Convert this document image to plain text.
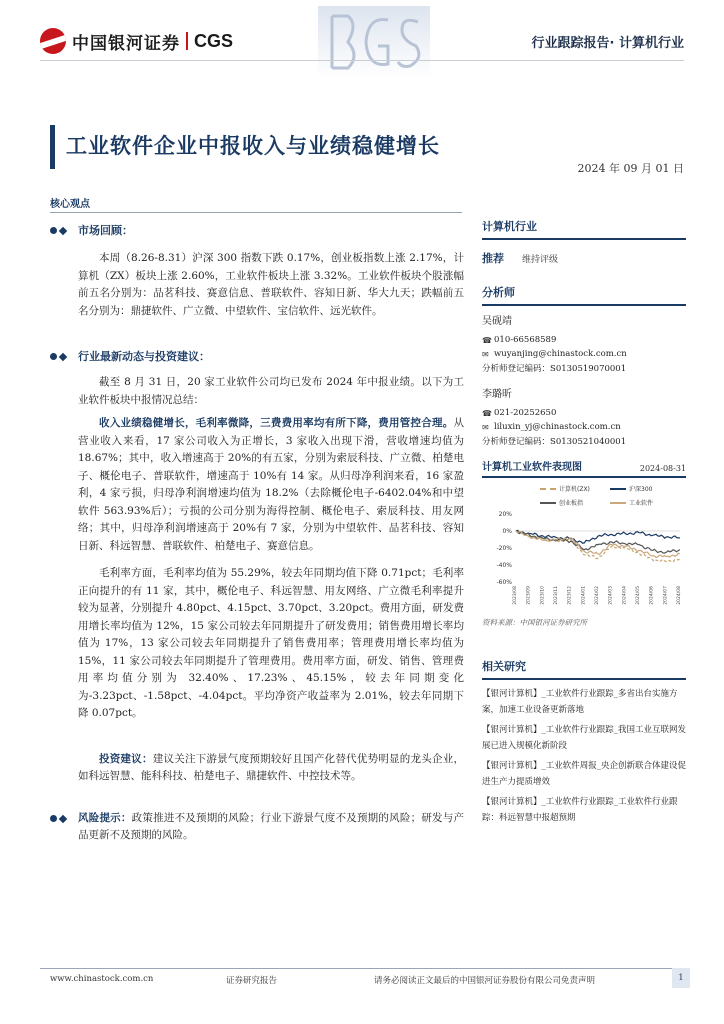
中国银河证券 CGS	行业跟踪报告· 计算机行业
工业软件企业中报收入与业绩稳健增长
2024 年 09 月 01 日
核心观点
市场回顾：

本周（8.26-8.31）沪深 300 指数下跌 0.17%，创业板指数上涨 2.17%，计算机（ZX）板块上涨 2.60%，工业软件板块上涨 3.32%。工业软件板块个股涨幅前五名分别为：品茗科技、赛意信息、普联软件、容知日新、华大九天；跌幅前五名分别为：鼎捷软件、广立微、中望软件、宝信软件、远光软件。

行业最新动态与投资建议：

截至 8 月 31 日，20 家工业软件公司均已发布 2024 年中报业绩。以下为工业软件板块中报情况总结：

收入业绩稳健增长，毛利率微降，三费费用率均有所下降，费用管控合理。从营业收入来看，17 家公司收入为正增长，3 家收入出现下滑，营收增速均值为 18.67%；其中，收入增速高于 20%的有五家，分别为索辰科技、广立微、柏楚电子、概伦电子、普联软件，增速高于 10%有 14 家。从归母净利润来看，16 家盈利，4 家亏损，归母净利润增速均值为 18.2%（去除概伦电子-6402.04%和中望软件 563.93%后）；亏损的公司分别为海得控制、概伦电子、索辰科技、用友网络；其中，归母净利润增速高于 20%有 7 家，分别为中望软件、品茗科技、容知日新、科远智慧、普联软件、柏楚电子、赛意信息。

毛利率方面，毛利率均值为 55.29%，较去年同期均值下降 0.71pct；毛利率正向提升的有 11 家，其中，概伦电子、科远智慧、用友网络、广立微毛利率提升较为显著，分别提升 4.80pct、4.15pct、3.70pct、3.20pct。费用方面，研发费用增长率均值为 12%，15 家公司较去年同期提升了研发费用；销售费用增长率均值为 17%，13 家公司较去年同期提升了销售费用率；管理费用增长率均值为 15%，11 家公司较去年同期提升了管理费用。费用率方面，研发、销售、管理费用率均值分别为 32.40%、17.23%、45.15%，较去年同期变化为-3.23pct、-1.58pct、-4.04pct。平均净资产收益率为 2.01%，较去年同期下降 0.07pct。

投资建议：建议关注下游景气度预期较好且国产化替代优势明显的龙头企业，如科远智慧、能科科技、柏楚电子、鼎捷软件、中控技术等。

风险提示：政策推进不及预期的风险；行业下游景气度不及预期的风险；研发与产品更新不及预期的风险。

计算机行业
推荐	维持评级
分析师
吴砚靖
☎ 010-66568589
✉ wuyanjing@chinastock.com.cn
分析师登记编码：S0130519070001
李璐昕
☎ 021-20252650
✉ liluxin_yj@chinastock.com.cn
分析师登记编码：S0130521040001
计算机工业软件表现图	2024-08-31
计算机(ZX)	沪深300
创业板指	工业软件
20%
0%
-20%
-40%
-60%
2023/08 2023/09 2023/10 2023/11 2023/12 2024/01 2024/02 2024/03 2024/04 2024/05 2024/06 2024/07 2024/08
资料来源：中国银河证券研究所
相关研究
【银河计算机】_工业软件行业跟踪_多省出台实施方案，加速工业设备更新落地
【银河计算机】_工业软件行业跟踪_我国工业互联网发展已进入规模化新阶段
【银河计算机】_工业软件周报_央企创新联合体建设促进生产力提质增效
【银河计算机】_工业软件行业跟踪_工业软件行业跟踪：科远智慧中报超预期
www.chinastock.com.cn	证券研究报告	请务必阅读正文最后的中国银河证券股份有限公司免责声明	1
